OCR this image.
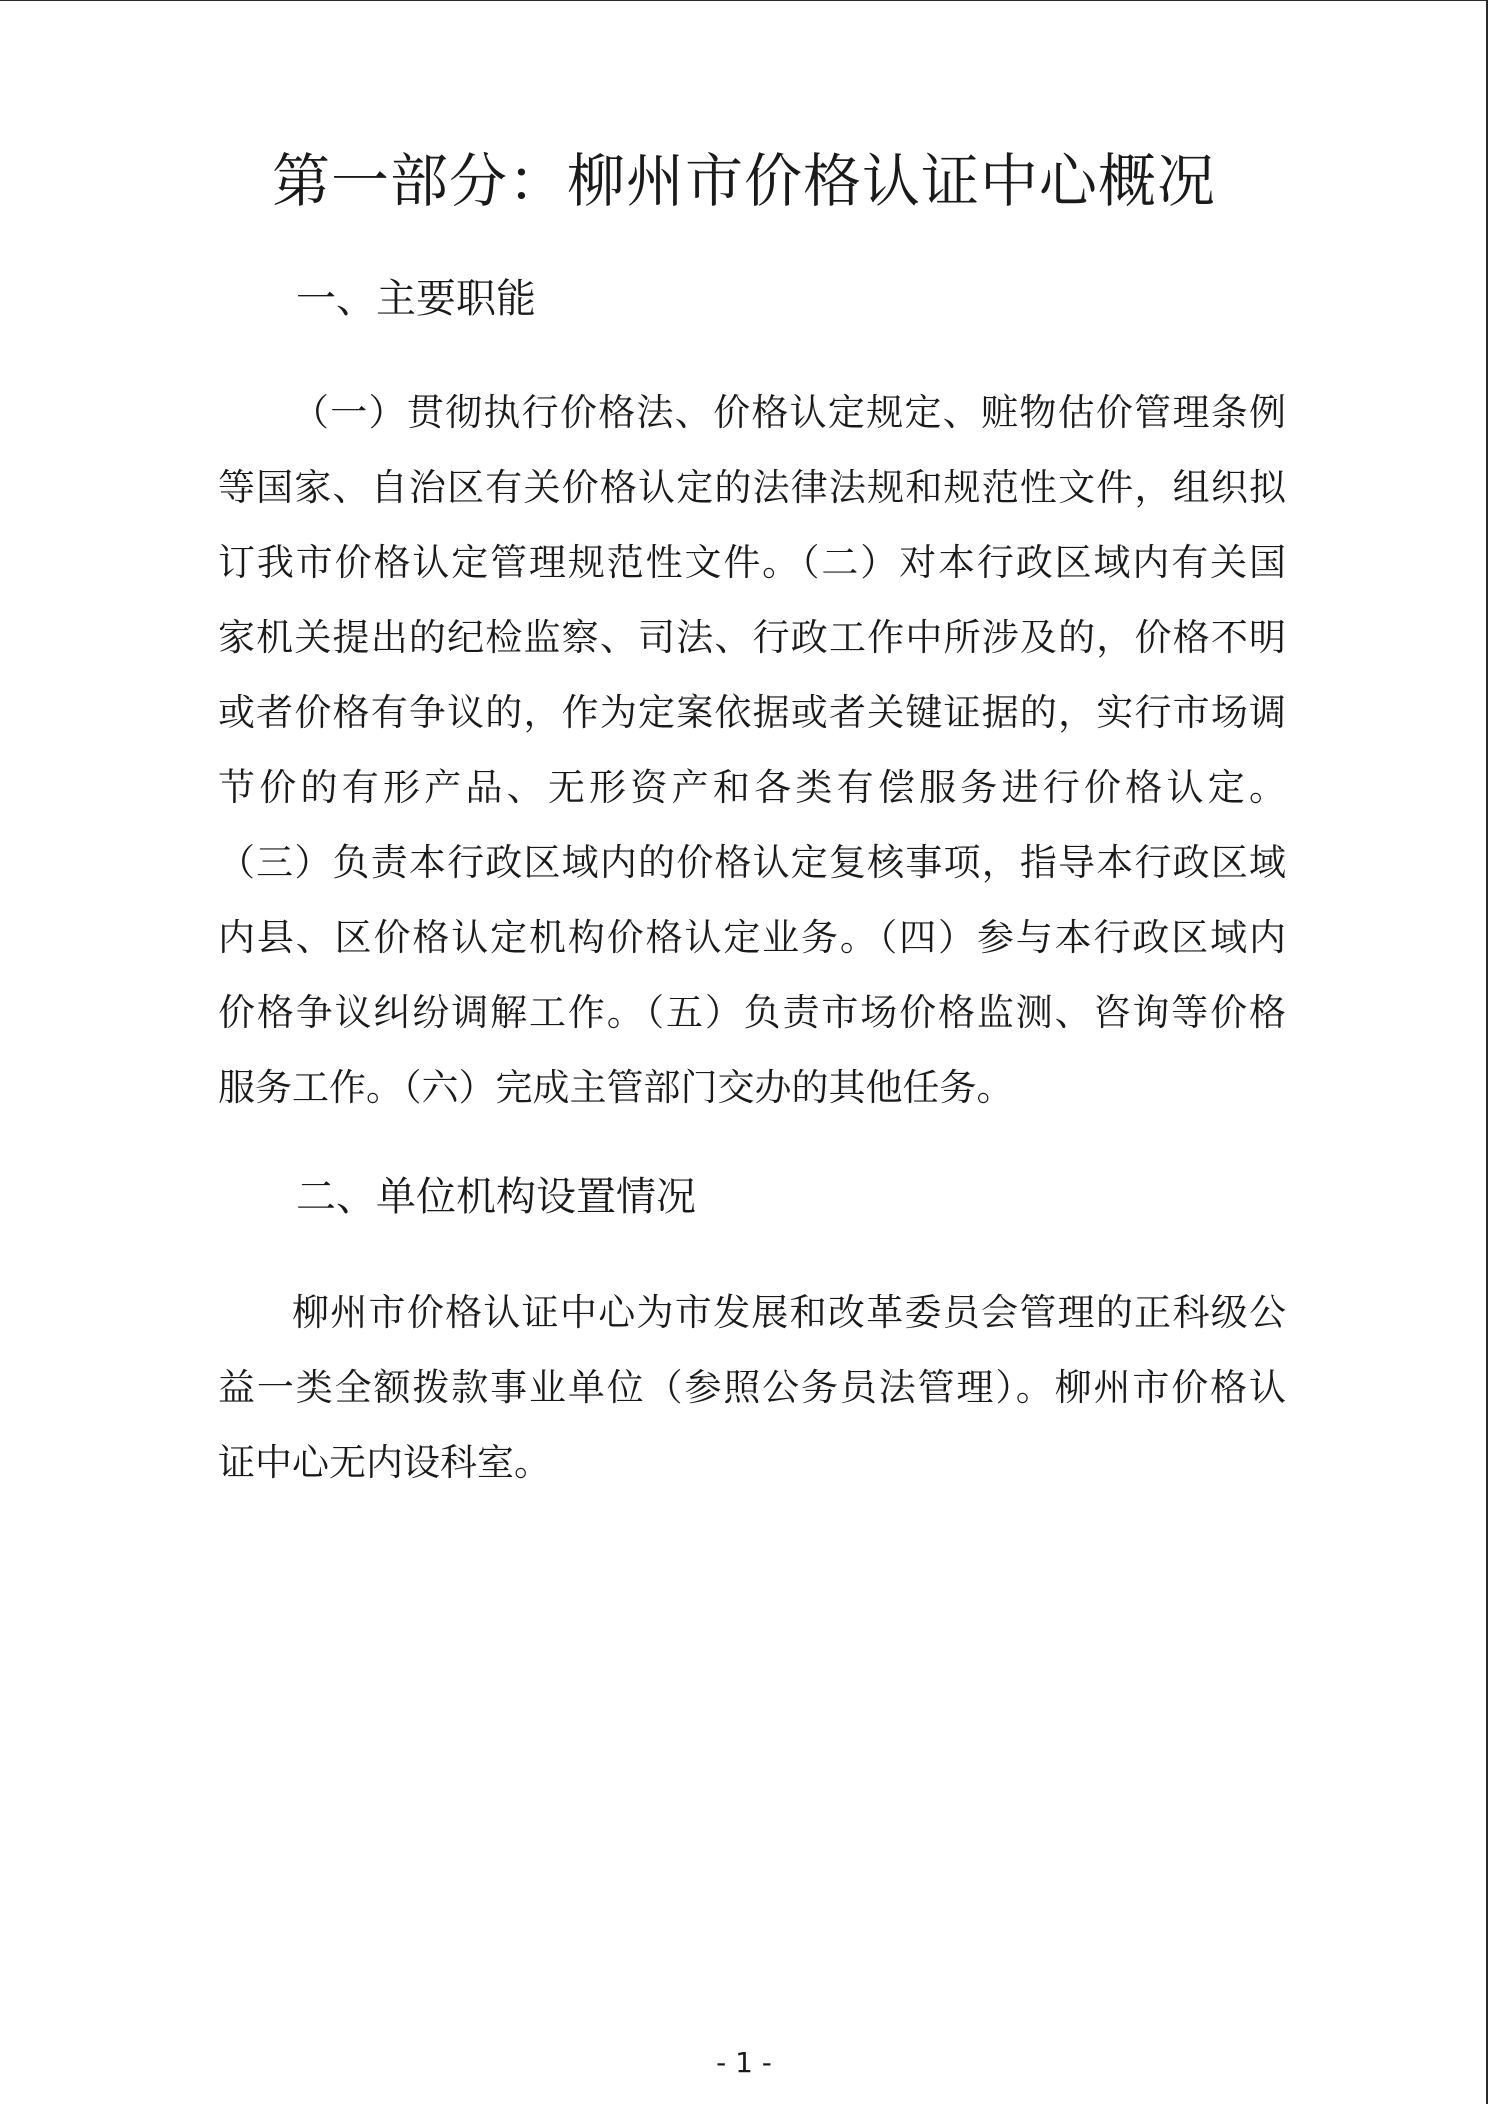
第一部分：柳州市价格认证中心概况
一、主要职能
（一）贯彻执行价格法、价格认定规定、赃物估价管理条例
等国家、自治区有关价格认定的法律法规和规范性文件，组织拟
订我市价格认定管理规范性文件。（二）对本行政区域内有关国
家机关提出的纪检监察、司法、行政工作中所涉及的，价格不明
或者价格有争议的，作为定案依据或者关键证据的，实行市场调
节价的有形产品、无形资产和各类有偿服务进行价格认定。
（三）负责本行政区域内的价格认定复核事项，指导本行政区域
内县、区价格认定机构价格认定业务。（四）参与本行政区域内
价格争议纠纷调解工作。（五）负责市场价格监测、咨询等价格
服务工作。（六）完成主管部门交办的其他任务。
二、单位机构设置情况
柳州市价格认证中心为市发展和改革委员会管理的正科级公
益一类全额拨款事业单位（参照公务员法管理）。柳州市价格认
证中心无内设科室。
- 1 -
